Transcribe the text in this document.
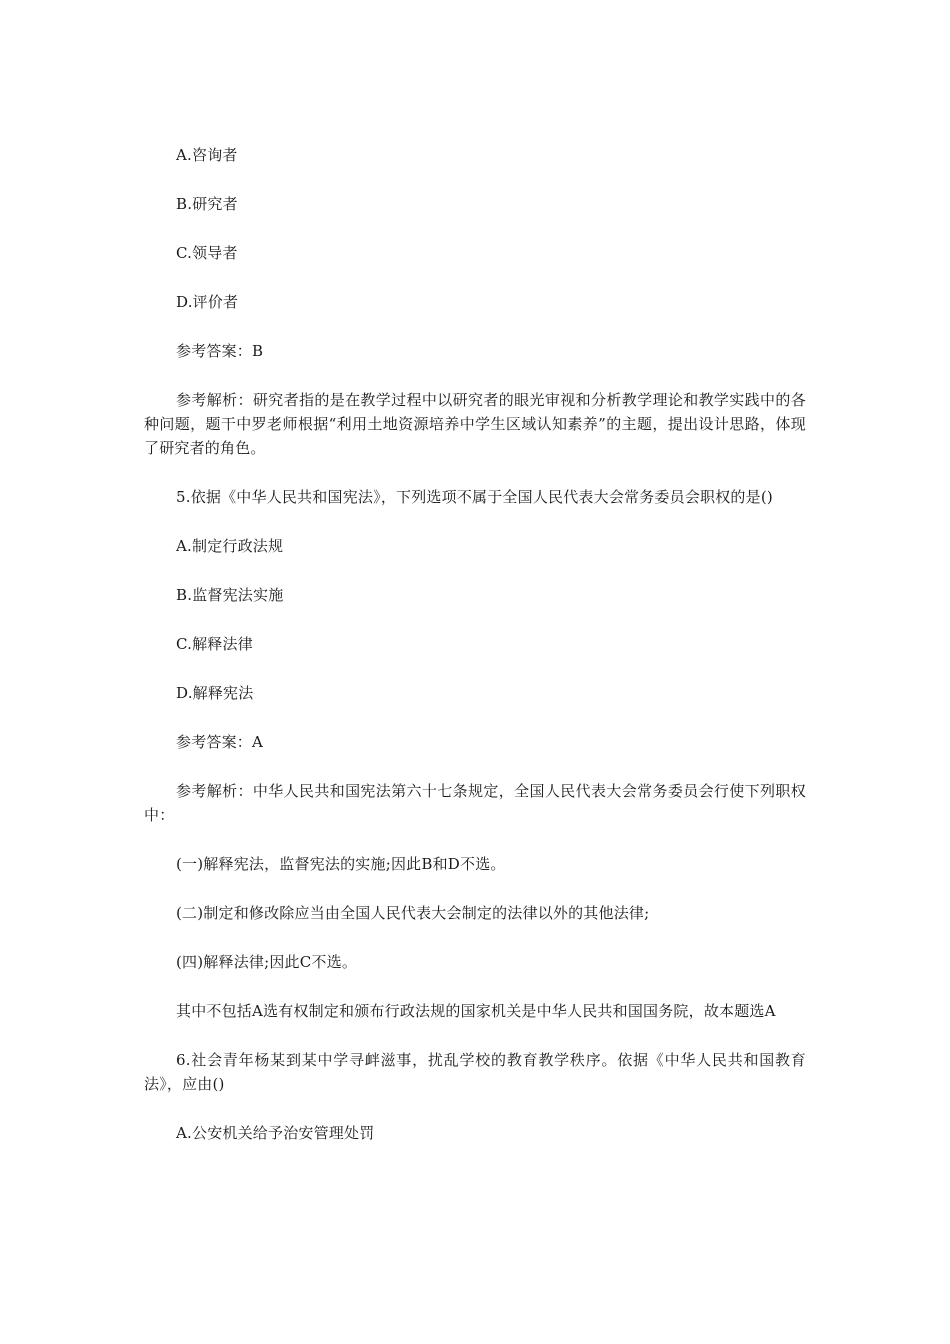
A.咨询者

B.研究者

C.领导者

D.评价者

参考答案：B

参考解析：研究者指的是在教学过程中以研究者的眼光审视和分析教学理论和教学实践中的各种问题，题干中罗老师根据“利用土地资源培养中学生区域认知素养”的主题，提出设计思路，体现了研究者的角色。

5.依据《中华人民共和国宪法》，下列选项不属于全国人民代表大会常务委员会职权的是()

A.制定行政法规

B.监督宪法实施

C.解释法律

D.解释宪法

参考答案：A

参考解析：中华人民共和国宪法第六十七条规定，全国人民代表大会常务委员会行使下列职权中：

(一)解释宪法，监督宪法的实施;因此B和D不选。

(二)制定和修改除应当由全国人民代表大会制定的法律以外的其他法律;

(四)解释法律;因此C不选。

其中不包括A选有权制定和颁布行政法规的国家机关是中华人民共和国国务院，故本题选A

6.社会青年杨某到某中学寻衅滋事，扰乱学校的教育教学秩序。依据《中华人民共和国教育法》，应由()

A.公安机关给予治安管理处罚
